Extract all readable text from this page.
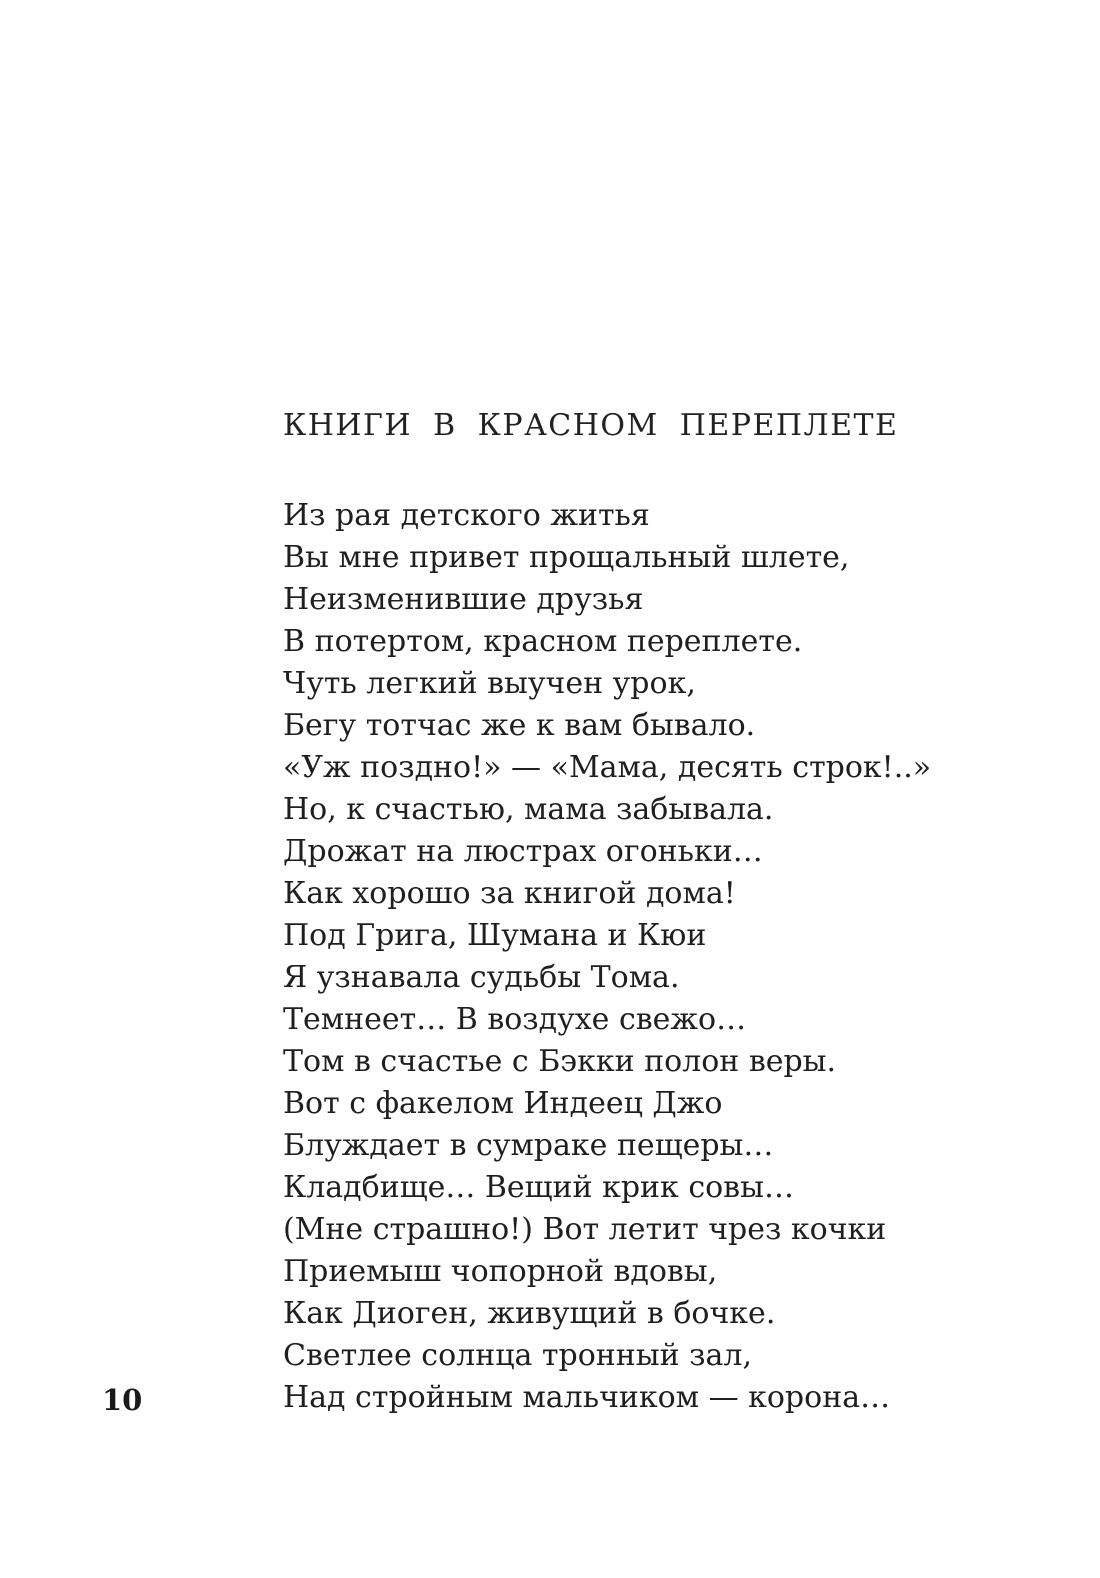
КНИГИ В КРАСНОМ ПЕРЕПЛЕТЕ
Из рая детского житья
Вы мне привет прощальный шлете,
Неизменившие друзья
В потертом, красном переплете.
Чуть легкий выучен урок,
Бегу тотчас же к вам бывало.
«Уж поздно!» — «Мама, десять строк!..»
Но, к счастью, мама забывала.
Дрожат на люстрах огоньки…
Как хорошо за книгой дома!
Под Грига, Шумана и Кюи
Я узнавала судьбы Тома.
Темнеет… В воздухе свежо…
Том в счастье с Бэкки полон веры.
Вот с факелом Индеец Джо
Блуждает в сумраке пещеры…
Кладбище… Вещий крик совы…
(Мне страшно!) Вот летит чрез кочки
Приемыш чопорной вдовы,
Как Диоген, живущий в бочке.
Светлее солнца тронный зал,
Над стройным мальчиком — корона…
10
